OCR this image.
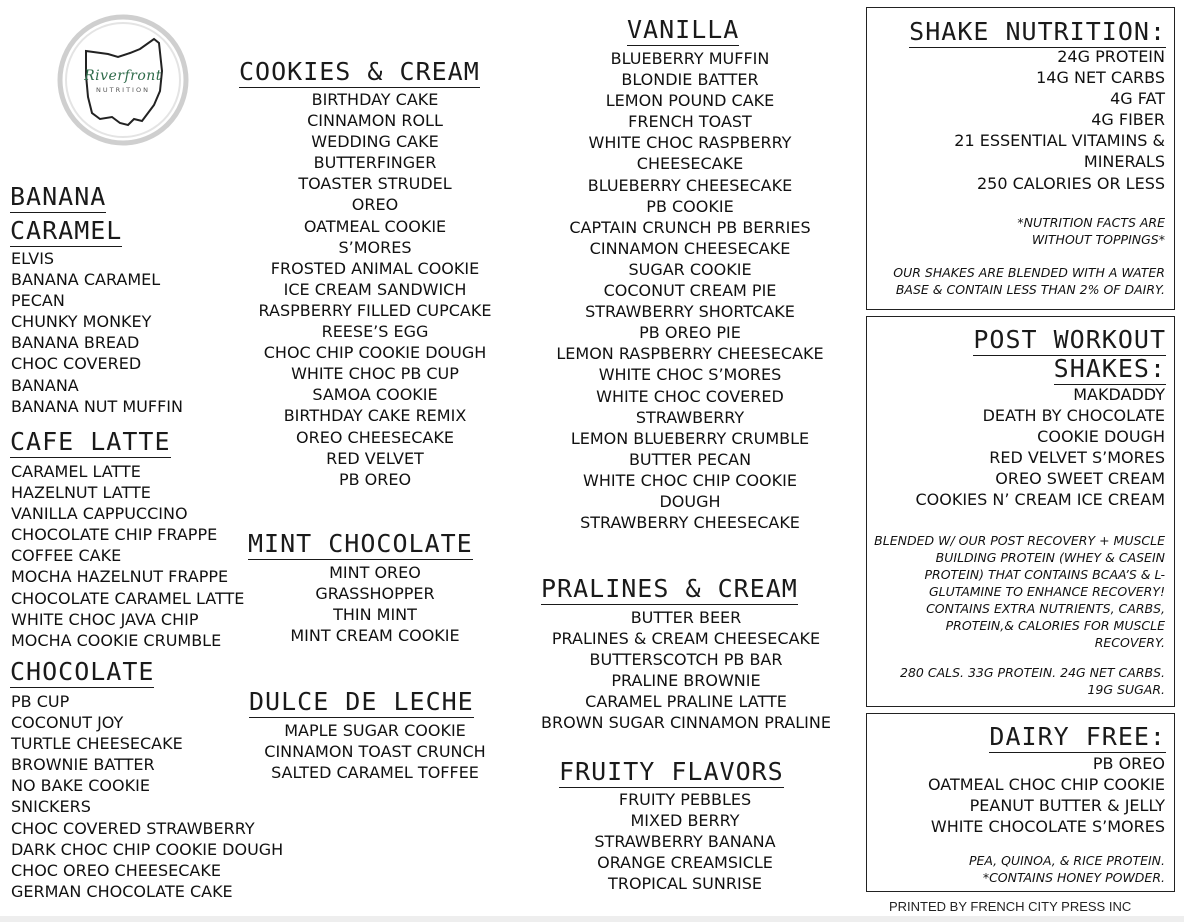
Riverfront
NUTRITION
BANANA
CARAMEL
ELVIS
BANANA CARAMEL
PECAN
CHUNKY MONKEY
BANANA BREAD
CHOC COVERED
BANANA
BANANA NUT MUFFIN
CAFE LATTE
CARAMEL LATTE
HAZELNUT LATTE
VANILLA CAPPUCCINO
CHOCOLATE CHIP FRAPPE
COFFEE CAKE
MOCHA HAZELNUT FRAPPE
CHOCOLATE CARAMEL LATTE
WHITE CHOC JAVA CHIP
MOCHA COOKIE CRUMBLE
CHOCOLATE
PB CUP
COCONUT JOY
TURTLE CHEESECAKE
BROWNIE BATTER
NO BAKE COOKIE
SNICKERS
CHOC COVERED STRAWBERRY
DARK CHOC CHIP COOKIE DOUGH
CHOC OREO CHEESECAKE
GERMAN CHOCOLATE CAKE
COOKIES & CREAM
BIRTHDAY CAKE
CINNAMON ROLL
WEDDING CAKE
BUTTERFINGER
TOASTER STRUDEL
OREO
OATMEAL COOKIE
S’MORES
FROSTED ANIMAL COOKIE
ICE CREAM SANDWICH
RASPBERRY FILLED CUPCAKE
REESE’S EGG
CHOC CHIP COOKIE DOUGH
WHITE CHOC PB CUP
SAMOA COOKIE
BIRTHDAY CAKE REMIX
OREO CHEESECAKE
RED VELVET
PB OREO
MINT CHOCOLATE
MINT OREO
GRASSHOPPER
THIN MINT
MINT CREAM COOKIE
DULCE DE LECHE
MAPLE SUGAR COOKIE
CINNAMON TOAST CRUNCH
SALTED CARAMEL TOFFEE
VANILLA
BLUEBERRY MUFFIN
BLONDIE BATTER
LEMON POUND CAKE
FRENCH TOAST
WHITE CHOC RASPBERRY
CHEESECAKE
BLUEBERRY CHEESECAKE
PB COOKIE
CAPTAIN CRUNCH PB BERRIES
CINNAMON CHEESECAKE
SUGAR COOKIE
COCONUT CREAM PIE
STRAWBERRY SHORTCAKE
PB OREO PIE
LEMON RASPBERRY CHEESECAKE
WHITE CHOC S’MORES
WHITE CHOC COVERED
STRAWBERRY
LEMON BLUEBERRY CRUMBLE
BUTTER PECAN
WHITE CHOC CHIP COOKIE
DOUGH
STRAWBERRY CHEESECAKE
PRALINES & CREAM
BUTTER BEER
PRALINES & CREAM CHEESECAKE
BUTTERSCOTCH PB BAR
PRALINE BROWNIE
CARAMEL PRALINE LATTE
BROWN SUGAR CINNAMON PRALINE
FRUITY FLAVORS
FRUITY PEBBLES
MIXED BERRY
STRAWBERRY BANANA
ORANGE CREAMSICLE
TROPICAL SUNRISE
SHAKE NUTRITION:
24G PROTEIN
14G NET CARBS
4G FAT
4G FIBER
21 ESSENTIAL VITAMINS &
MINERALS
250 CALORIES OR LESS
*NUTRITION FACTS ARE WITHOUT TOPPINGS*
OUR SHAKES ARE BLENDED WITH A WATER BASE & CONTAIN LESS THAN 2% OF DAIRY.
POST WORKOUT
SHAKES:
MAKDADDY
DEATH BY CHOCOLATE
COOKIE DOUGH
RED VELVET S’MORES
OREO SWEET CREAM
COOKIES N’ CREAM ICE CREAM
BLENDED W/ OUR POST RECOVERY + MUSCLE BUILDING PROTEIN (WHEY & CASEIN PROTEIN) THAT CONTAINS BCAA’S & L-GLUTAMINE TO ENHANCE RECOVERY! CONTAINS EXTRA NUTRIENTS, CARBS, PROTEIN,& CALORIES FOR MUSCLE RECOVERY.
280 CALS. 33G PROTEIN. 24G NET CARBS. 19G SUGAR.
DAIRY FREE:
PB OREO
OATMEAL CHOC CHIP COOKIE
PEANUT BUTTER & JELLY
WHITE CHOCOLATE S’MORES
PEA, QUINOA, & RICE PROTEIN. *CONTAINS HONEY POWDER.
PRINTED BY FRENCH CITY PRESS INC
